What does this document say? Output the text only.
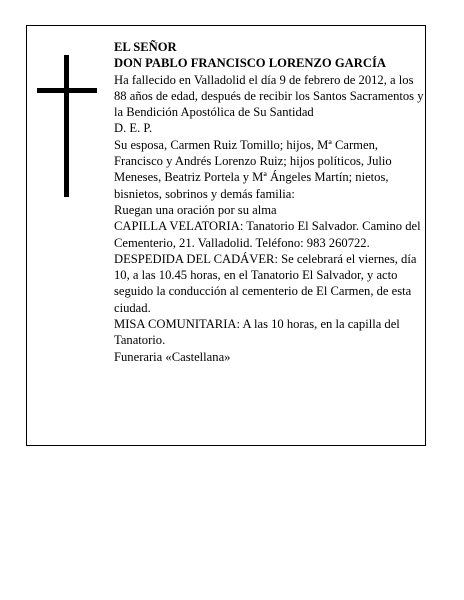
EL SEÑOR

DON PABLO FRANCISCO LORENZO GARCÍA

Ha fallecido en Valladolid el día 9 de febrero de 2012, a los 88 años de edad, después de recibir los Santos Sacramentos y la Bendición Apostólica de Su Santidad

D. E. P.

Su esposa, Carmen Ruiz Tomillo; hijos, Mª Carmen, Francisco y Andrés Lorenzo Ruiz; hijos políticos, Julio Meneses, Beatriz Portela y Mª Ángeles Martín; nietos, bisnietos, sobrinos y demás familia:

Ruegan una oración por su alma

CAPILLA VELATORIA: Tanatorio El Salvador. Camino del Cementerio, 21. Valladolid. Teléfono: 983 260722.

DESPEDIDA DEL CADÁVER: Se celebrará el viernes, día 10, a las 10.45 horas, en el Tanatorio El Salvador, y acto seguido la conducción al cementerio de El Carmen, de esta ciudad.

MISA COMUNITARIA: A las 10 horas, en la capilla del Tanatorio.

Funeraria «Castellana»
